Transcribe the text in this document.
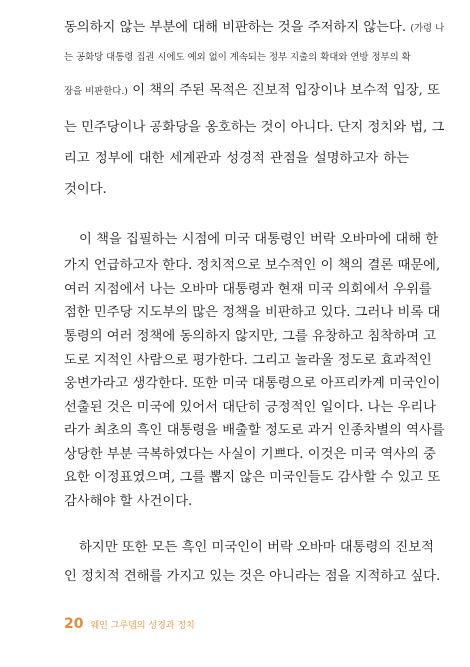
동의하지 않는 부분에 대해 비판하는 것을 주저하지 않는다. (가령 나
는 공화당 대통령 집권 시에도 예외 없이 계속되는 정부 지출의 확대와 연방 정부의 확
장을 비판한다.) 이 책의 주된 목적은 진보적 입장이나 보수적 입장, 또
는 민주당이나 공화당을 옹호하는 것이 아니다. 단지 정치와 법, 그
리고 정부에 대한 세계관과 성경적 관점을 설명하고자 하는
것이다.
이 책을 집필하는 시점에 미국 대통령인 버락 오바마에 대해 한
가지 언급하고자 한다. 정치적으로 보수적인 이 책의 결론 때문에,
여러 지점에서 나는 오바마 대통령과 현재 미국 의회에서 우위를
점한 민주당 지도부의 많은 정책을 비판하고 있다. 그러나 비록 대
통령의 여러 정책에 동의하지 않지만, 그를 유창하고 침착하며 고
도로 지적인 사람으로 평가한다. 그리고 놀라울 정도로 효과적인
웅변가라고 생각한다. 또한 미국 대통령으로 아프리카계 미국인이
선출된 것은 미국에 있어서 대단히 긍정적인 일이다. 나는 우리나
라가 최초의 흑인 대통령을 배출할 정도로 과거 인종차별의 역사를
상당한 부분 극복하였다는 사실이 기쁘다. 이것은 미국 역사의 중
요한 이정표였으며, 그를 뽑지 않은 미국인들도 감사할 수 있고 또
20 웨인 그루뎀의 성경과 정치
감사해야 할 사건이다.
하지만 또한 모든 흑인 미국인이 버락 오바마 대통령의 진보적
인 정치적 견해를 가지고 있는 것은 아니라는 점을 지적하고 싶다.
